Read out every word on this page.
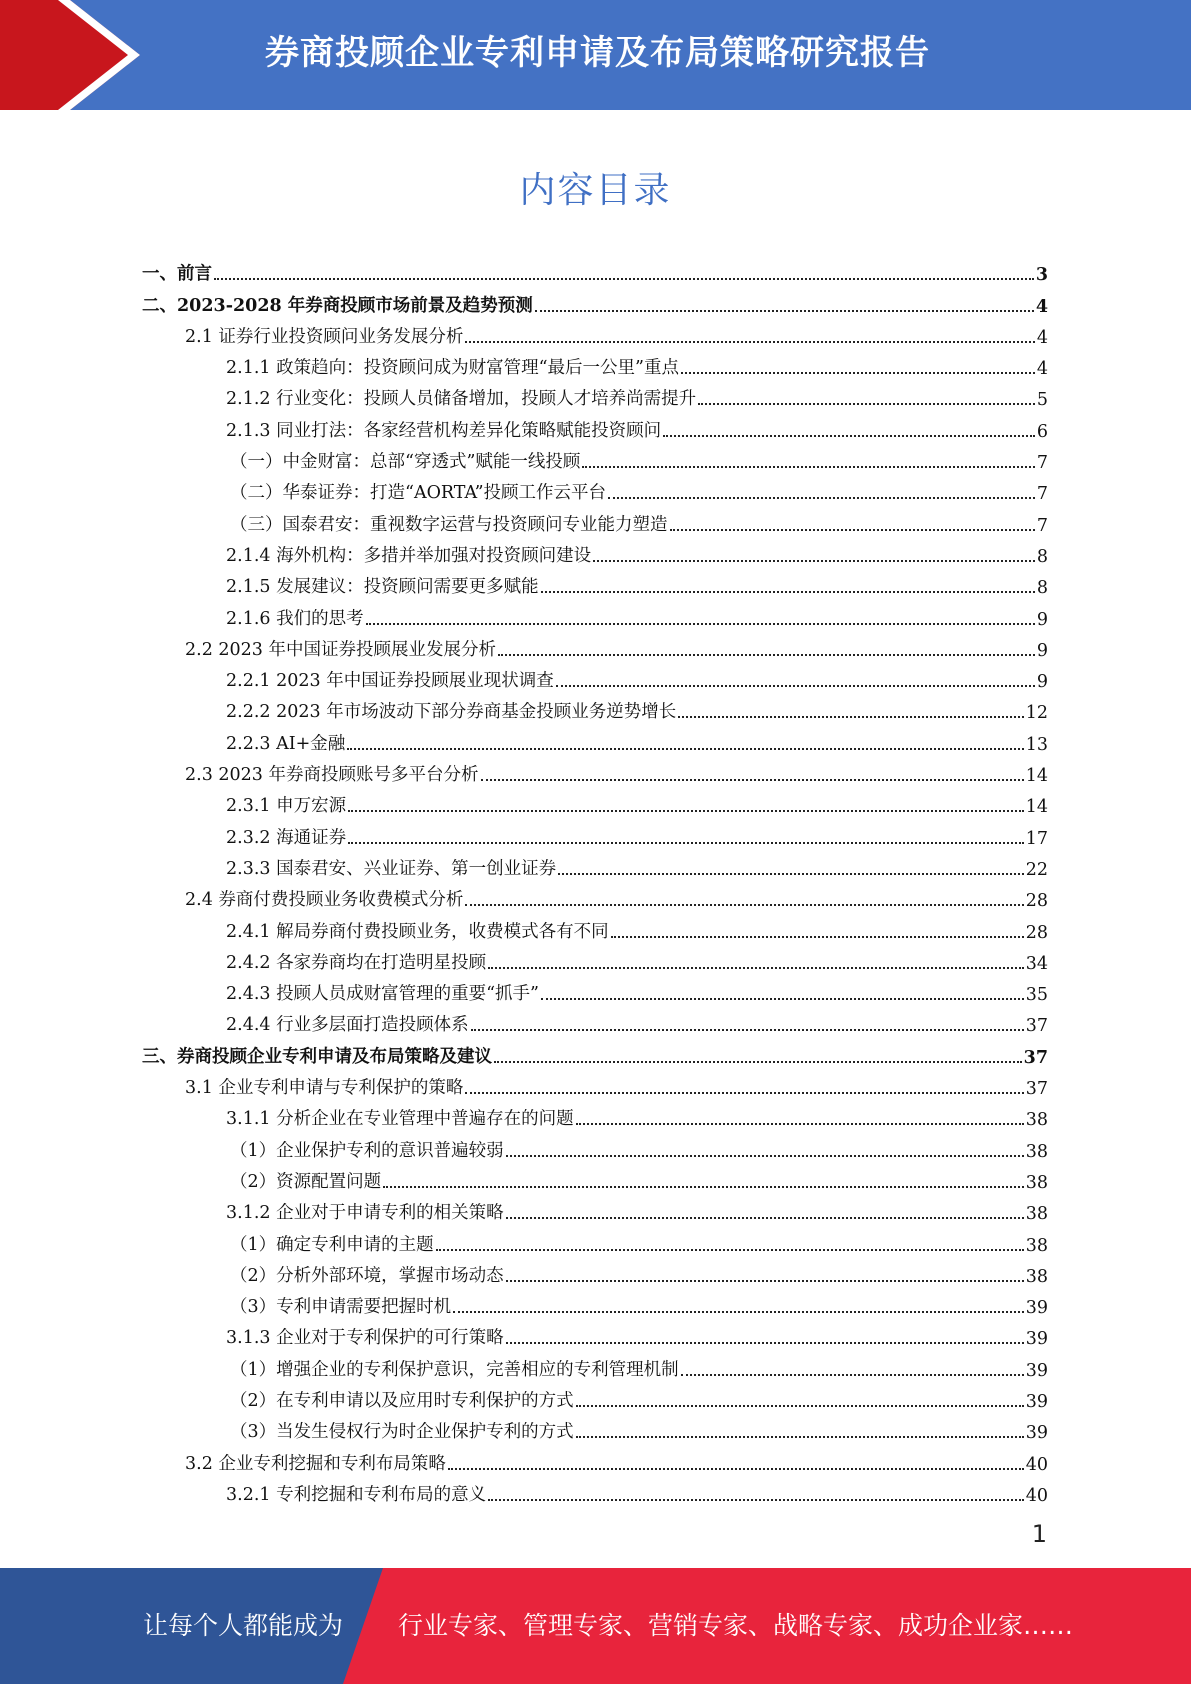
券商投顾企业专利申请及布局策略研究报告
内容目录
一、前言	3
二、2023-2028 年券商投顾市场前景及趋势预测	4
2.1 证券行业投资顾问业务发展分析	4
2.1.1 政策趋向：投资顾问成为财富管理“最后一公里”重点	4
2.1.2 行业变化：投顾人员储备增加，投顾人才培养尚需提升	5
2.1.3 同业打法：各家经营机构差异化策略赋能投资顾问	6
（一）中金财富：总部“穿透式”赋能一线投顾	7
（二）华泰证券：打造“AORTA”投顾工作云平台	7
（三）国泰君安：重视数字运营与投资顾问专业能力塑造	7
2.1.4 海外机构：多措并举加强对投资顾问建设	8
2.1.5 发展建议：投资顾问需要更多赋能	8
2.1.6 我们的思考	9
2.2 2023 年中国证券投顾展业发展分析	9
2.2.1 2023 年中国证券投顾展业现状调查	9
2.2.2 2023 年市场波动下部分券商基金投顾业务逆势增长	12
2.2.3 AI+金融	13
2.3 2023 年券商投顾账号多平台分析	14
2.3.1 申万宏源	14
2.3.2 海通证券	17
2.3.3 国泰君安、兴业证券、第一创业证券	22
2.4 券商付费投顾业务收费模式分析	28
2.4.1 解局券商付费投顾业务，收费模式各有不同	28
2.4.2 各家券商均在打造明星投顾	34
2.4.3 投顾人员成财富管理的重要“抓手”	35
2.4.4 行业多层面打造投顾体系	37
三、券商投顾企业专利申请及布局策略及建议	37
3.1 企业专利申请与专利保护的策略	37
3.1.1 分析企业在专业管理中普遍存在的问题	38
（1）企业保护专利的意识普遍较弱	38
（2）资源配置问题	38
3.1.2 企业对于申请专利的相关策略	38
（1）确定专利申请的主题	38
（2）分析外部环境，掌握市场动态	38
（3）专利申请需要把握时机	39
3.1.3 企业对于专利保护的可行策略	39
（1）增强企业的专利保护意识，完善相应的专利管理机制	39
（2）在专利申请以及应用时专利保护的方式	39
（3）当发生侵权行为时企业保护专利的方式	39
3.2 企业专利挖掘和专利布局策略	40
3.2.1 专利挖掘和专利布局的意义	40
1
让每个人都能成为 行业专家、管理专家、营销专家、战略专家、成功企业家……
